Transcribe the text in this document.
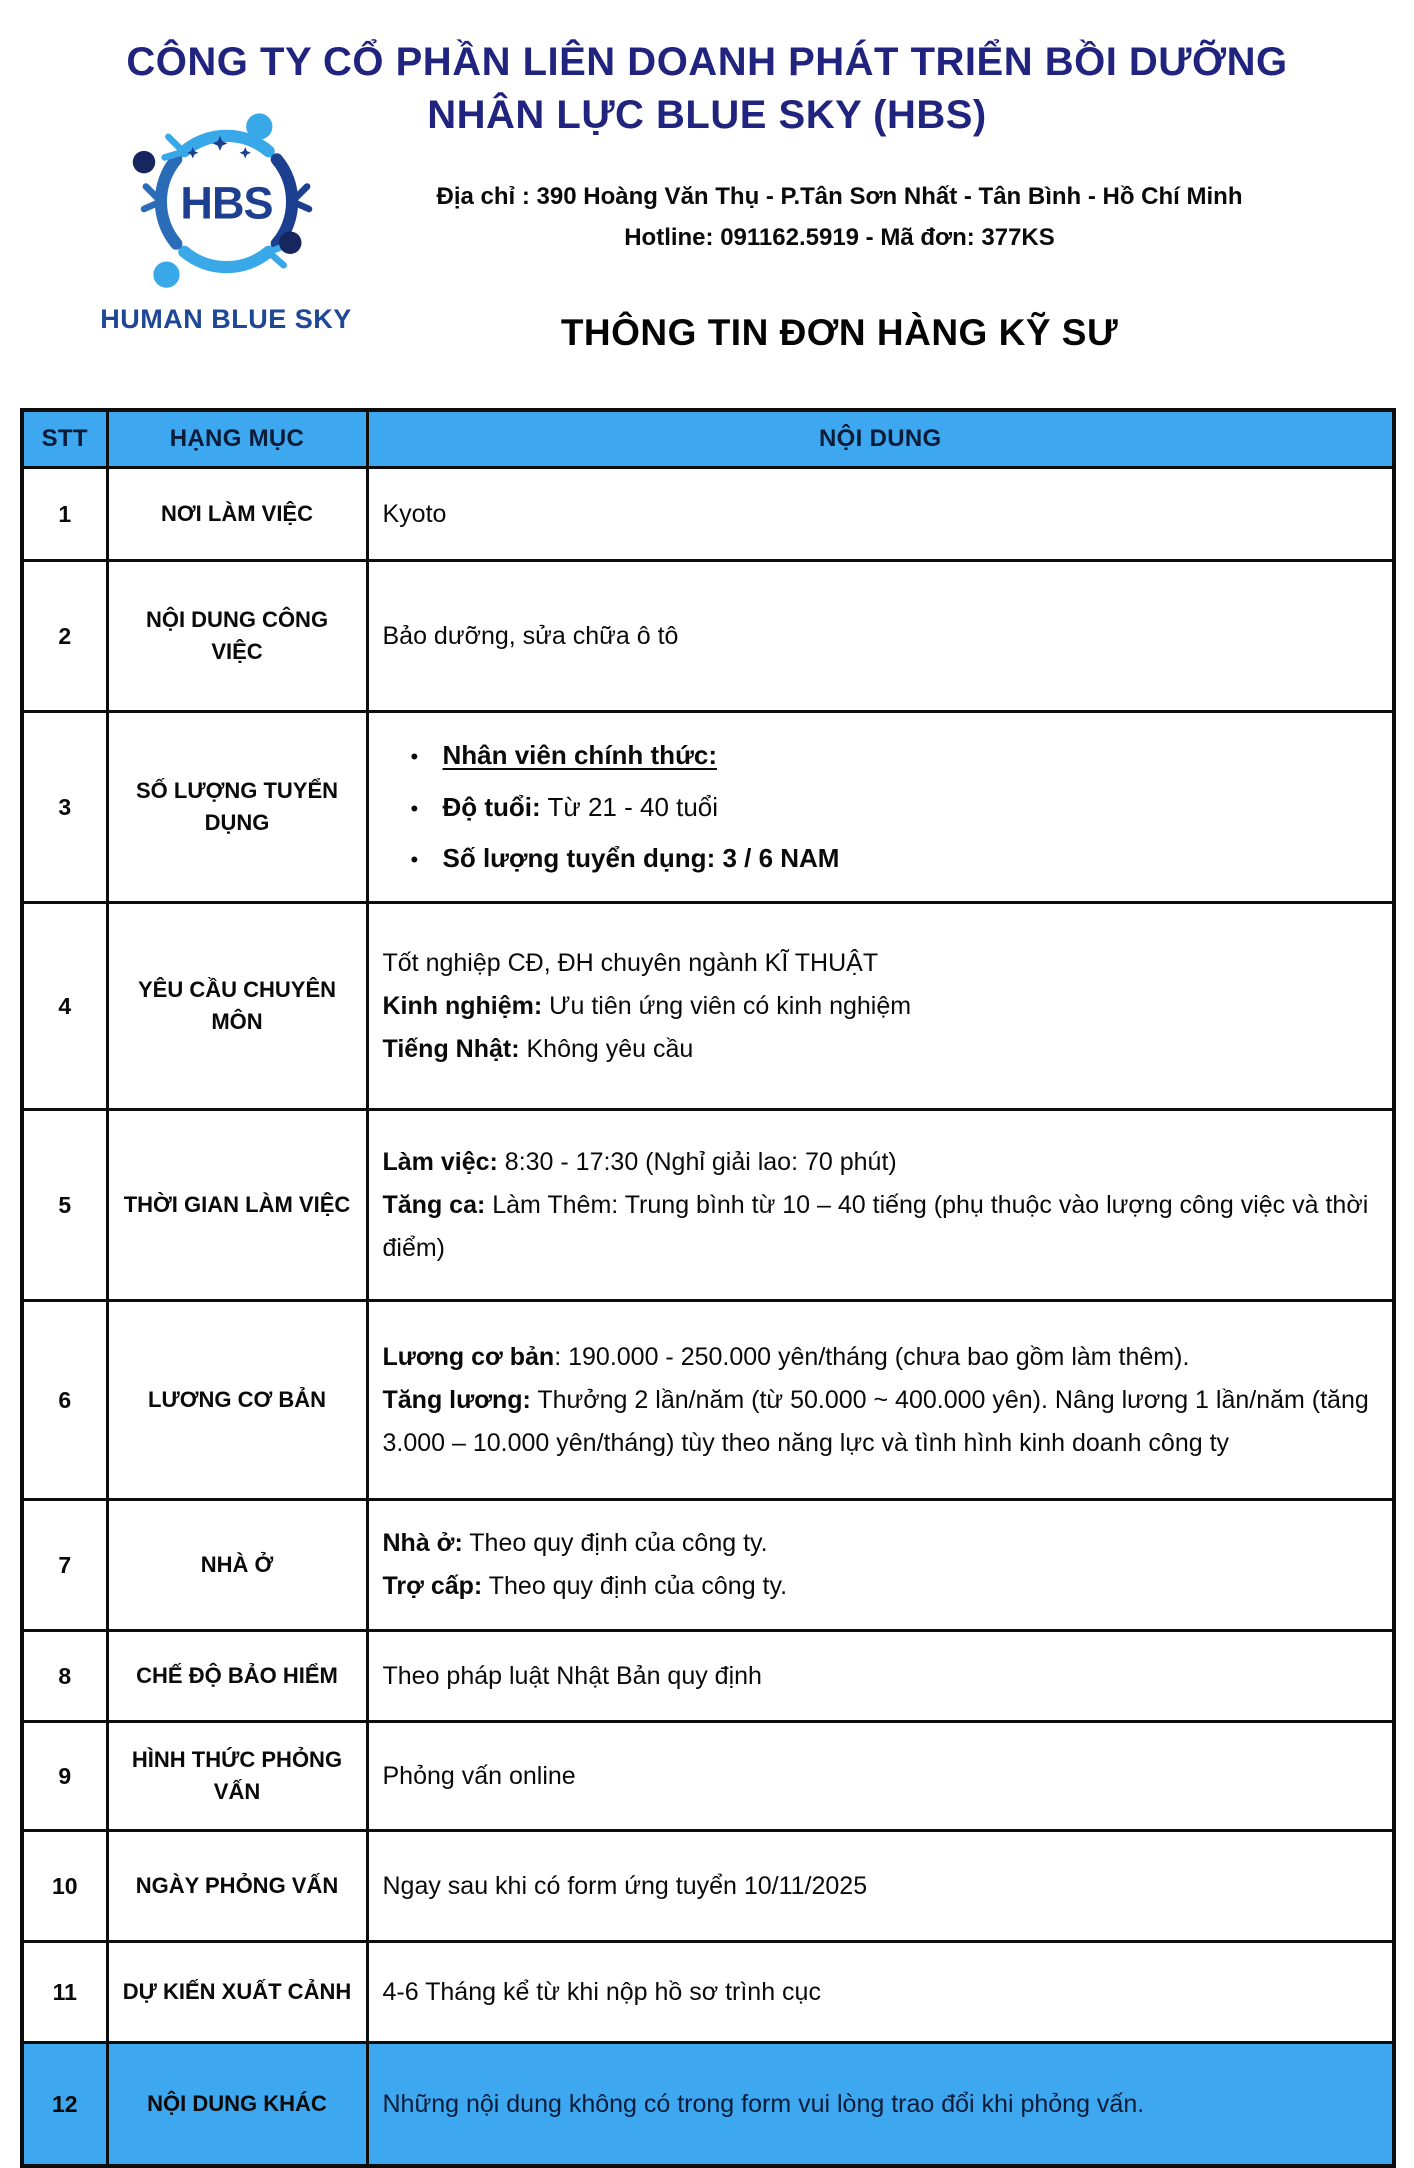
CÔNG TY CỔ PHẦN LIÊN DOANH PHÁT TRIỂN BỒI DƯỠNG
NHÂN LỰC BLUE SKY (HBS)
HBS
HUMAN BLUE SKY
Địa chỉ : 390 Hoàng Văn Thụ - P.Tân Sơn Nhất - Tân Bình - Hồ Chí Minh
Hotline: 091162.5919 - Mã đơn: 377KS
THÔNG TIN ĐƠN HÀNG KỸ SƯ
STT	HẠNG MỤC	NỘI DUNG
1	NƠI LÀM VIỆC	Kyoto

2	NỘI DUNG CÔNG VIỆC	Bảo dưỡng, sửa chữa ô tô

3	SỐ LƯỢNG TUYỂN DỤNG	
• Nhân viên chính thức:
• Độ tuổi: Từ 21 - 40 tuổi
• Số lượng tuyển dụng: 3 / 6 NAM

4	YÊU CẦU CHUYÊN MÔN	Tốt nghiệp CĐ, ĐH chuyên ngành KĨ THUẬT
Kinh nghiệm: Ưu tiên ứng viên có kinh nghiệm
Tiếng Nhật: Không yêu cầu

5	THỜI GIAN LÀM VIỆC	Làm việc: 8:30 - 17:30 (Nghỉ giải lao: 70 phút)
Tăng ca: Làm Thêm: Trung bình từ 10 – 40 tiếng (phụ thuộc vào lượng công việc và thời điểm)

6	LƯƠNG CƠ BẢN	Lương cơ bản: 190.000 - 250.000 yên/tháng (chưa bao gồm làm thêm).
Tăng lương: Thưởng 2 lần/năm (từ 50.000 ~ 400.000 yên). Nâng lương 1 lần/năm (tăng 3.000 – 10.000 yên/tháng) tùy theo năng lực và tình hình kinh doanh công ty

7	NHÀ Ở	Nhà ở: Theo quy định của công ty.
Trợ cấp: Theo quy định của công ty.

8	CHẾ ĐỘ BẢO HIỂM	Theo pháp luật Nhật Bản quy định

9	HÌNH THỨC PHỎNG VẤN	Phỏng vấn online

10	NGÀY PHỎNG VẤN	Ngay sau khi có form ứng tuyển 10/11/2025

11	DỰ KIẾN XUẤT CẢNH	4-6 Tháng kể từ khi nộp hồ sơ trình cục

12	NỘI DUNG KHÁC	Những nội dung không có trong form vui lòng trao đổi khi phỏng vấn.
